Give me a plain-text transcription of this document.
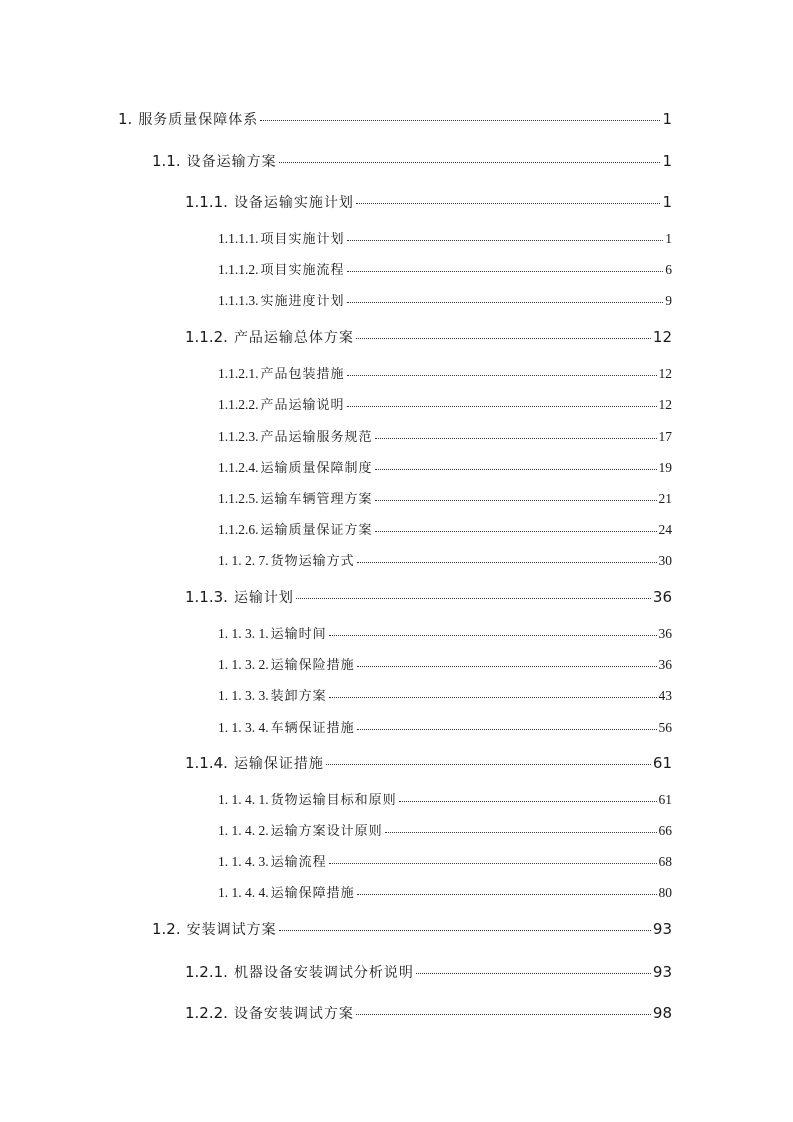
1. 服务质量保障体系	1
1.1. 设备运输方案	1
1.1.1. 设备运输实施计划	1
1.1.1.1. 项目实施计划	1
1.1.1.2. 项目实施流程	6
1.1.1.3. 实施进度计划	9
1.1.2. 产品运输总体方案	12
1.1.2.1. 产品包装措施	12
1.1.2.2. 产品运输说明	12
1.1.2.3. 产品运输服务规范	17
1.1.2.4. 运输质量保障制度	19
1.1.2.5. 运输车辆管理方案	21
1.1.2.6. 运输质量保证方案	24
1. 1. 2. 7. 货物运输方式	30
1.1.3. 运输计划	36
1. 1. 3. 1. 运输时间	36
1. 1. 3. 2. 运输保险措施	36
1. 1. 3. 3. 装卸方案	43
1. 1. 3. 4. 车辆保证措施	56
1.1.4. 运输保证措施	61
1. 1. 4. 1. 货物运输目标和原则	61
1. 1. 4. 2. 运输方案设计原则	66
1. 1. 4. 3. 运输流程	68
1. 1. 4. 4. 运输保障措施	80
1.2. 安装调试方案	93
1.2.1. 机器设备安装调试分析说明	93
1.2.2. 设备安装调试方案	98
